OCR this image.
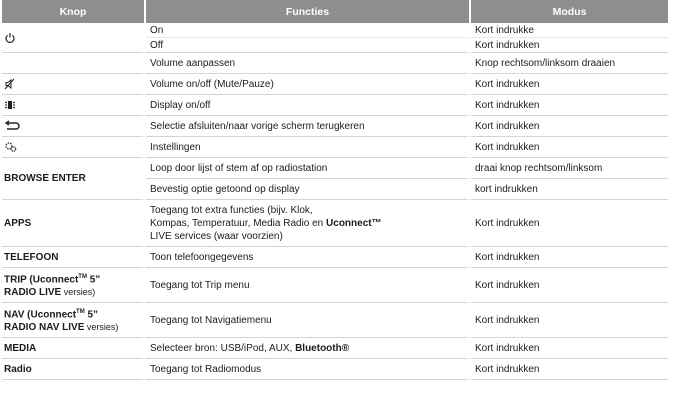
Knop	Functies	Modus

	On	Kort indrukke
	Off	Kort indrukken
	Volume aanpassen	Knop rechtsom/linksom draaien

	Volume on/off (Mute/Pauze)	Kort indrukken

	Display on/off	Kort indrukken

	Selectie afsluiten/naar vorige scherm terugkeren	Kort indrukken

	Instellingen	Kort indrukken
BROWSE ENTER	Loop door lijst of stem af op radiostation	draai knop rechtsom/linksom
	Bevestig optie getoond op display	kort indrukken
APPS	Toegang tot extra functies (bijv. Klok,
Kompas, Temperatuur, Media Radio en Uconnect™
LIVE services (waar voorzien)	Kort indrukken
TELEFOON	Toon telefoongegevens	Kort indrukken

TRIP (Uconnect™ 5”
RADIO LIVE versies)	Toegang tot Trip menu	Kort indrukken

NAV (Uconnect™ 5”
RADIO NAV LIVE versies)	Toegang tot Navigatiemenu	Kort indrukken
MEDIA	Selecteer bron: USB/iPod, AUX, Bluetooth®	Kort indrukken
Radio	Toegang tot Radiomodus	Kort indrukken
